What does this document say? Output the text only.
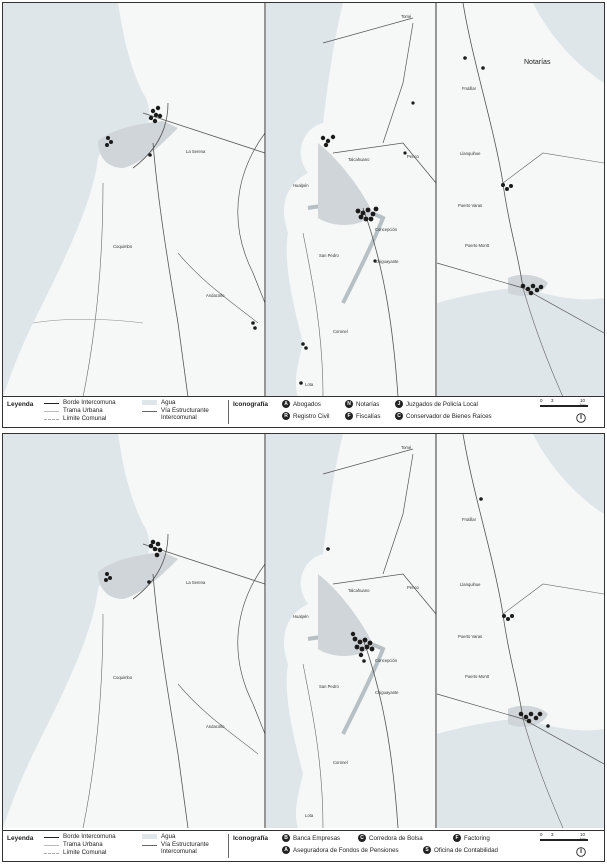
La Serena
Coquimbo
Andacollo
Tomé
Talcahuano
Penco
Hualpén
Concepción
San Pedro
Chiguayante
Coronel
Lota
Frutillar
Llanquihue
Puerto Varas
Puerto Montt
Notarías
Leyenda	Borde Intercomuna
Trama Urbana
Límite Comunal
Agua
Vía Estructurante Intercomunal
Iconografía	A Abogados	N Notarías	J Juzgados de Policía Local
R Registro Civil	F Fiscalías	C Conservador de Bienes Raíces
0 3	10
La Serena
Coquimbo
Andacollo
Tomé
Talcahuano
Penco
Hualpén
Concepción
San Pedro
Chiguayante
Coronel
Lota
Frutillar
Llanquihue
Puerto Varas
Puerto Montt
Leyenda	Borde Intercomuna
Trama Urbana
Límite Comunal
Agua
Vía Estructurante Intercomunal
Iconografía	B Banca Empresas	C Corredora de Bolsa	F Factoring
A Aseguradora de Fondos de Pensiones	S Oficina de Contabilidad
0 3	10
